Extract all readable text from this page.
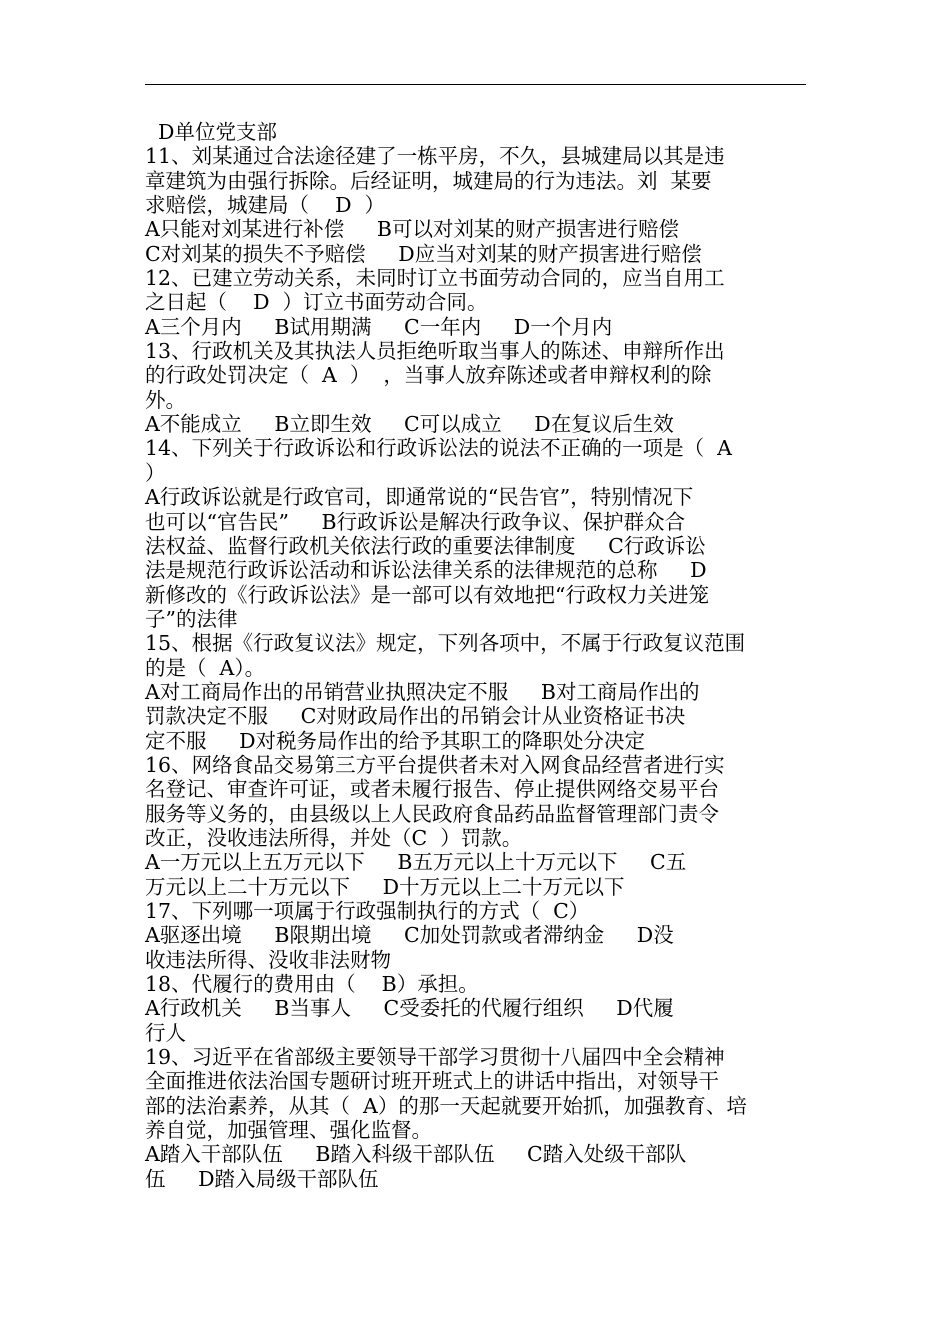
D单位党支部
11、刘某通过合法途径建了一栋平房，不久，县城建局以其是违
章建筑为由强行拆除。后经证明，城建局的行为违法。刘  某要
求赔偿，城建局（    D  ）
A只能对刘某进行补偿     B可以对刘某的财产损害进行赔偿
C对刘某的损失不予赔偿     D应当对刘某的财产损害进行赔偿
12、已建立劳动关系，未同时订立书面劳动合同的，应当自用工
之日起（    D  ）订立书面劳动合同。
A三个月内     B试用期满     C一年内     D一个月内
13、行政机关及其执法人员拒绝听取当事人的陈述、申辩所作出
的行政处罚决定（  A  ）  ，当事人放弃陈述或者申辩权利的除
外。
A不能成立     B立即生效     C可以成立     D在复议后生效
14、下列关于行政诉讼和行政诉讼法的说法不正确的一项是（  A
）
A行政诉讼就是行政官司，即通常说的“民告官”，特别情况下
也可以“官告民”     B行政诉讼是解决行政争议、保护群众合
法权益、监督行政机关依法行政的重要法律制度     C行政诉讼
法是规范行政诉讼活动和诉讼法律关系的法律规范的总称     D
新修改的《行政诉讼法》是一部可以有效地把“行政权力关进笼
子”的法律
15、根据《行政复议法》规定，下列各项中，不属于行政复议范围
的是（  A）。
A对工商局作出的吊销营业执照决定不服     B对工商局作出的
罚款决定不服     C对财政局作出的吊销会计从业资格证书决
定不服     D对税务局作出的给予其职工的降职处分决定
16、网络食品交易第三方平台提供者未对入网食品经营者进行实
名登记、审查许可证，或者未履行报告、停止提供网络交易平台
服务等义务的，由县级以上人民政府食品药品监督管理部门责令
改正，没收违法所得，并处（C  ）罚款。
A一万元以上五万元以下     B五万元以上十万元以下     C五
万元以上二十万元以下     D十万元以上二十万元以下
17、下列哪一项属于行政强制执行的方式（  C）
A驱逐出境     B限期出境     C加处罚款或者滞纳金     D没
收违法所得、没收非法财物
18、代履行的费用由（    B）承担。
A行政机关     B当事人     C受委托的代履行组织     D代履
行人
19、习近平在省部级主要领导干部学习贯彻十八届四中全会精神
全面推进依法治国专题研讨班开班式上的讲话中指出，对领导干
部的法治素养，从其（  A）的那一天起就要开始抓，加强教育、培
养自觉，加强管理、强化监督。
A踏入干部队伍     B踏入科级干部队伍     C踏入处级干部队
伍     D踏入局级干部队伍
